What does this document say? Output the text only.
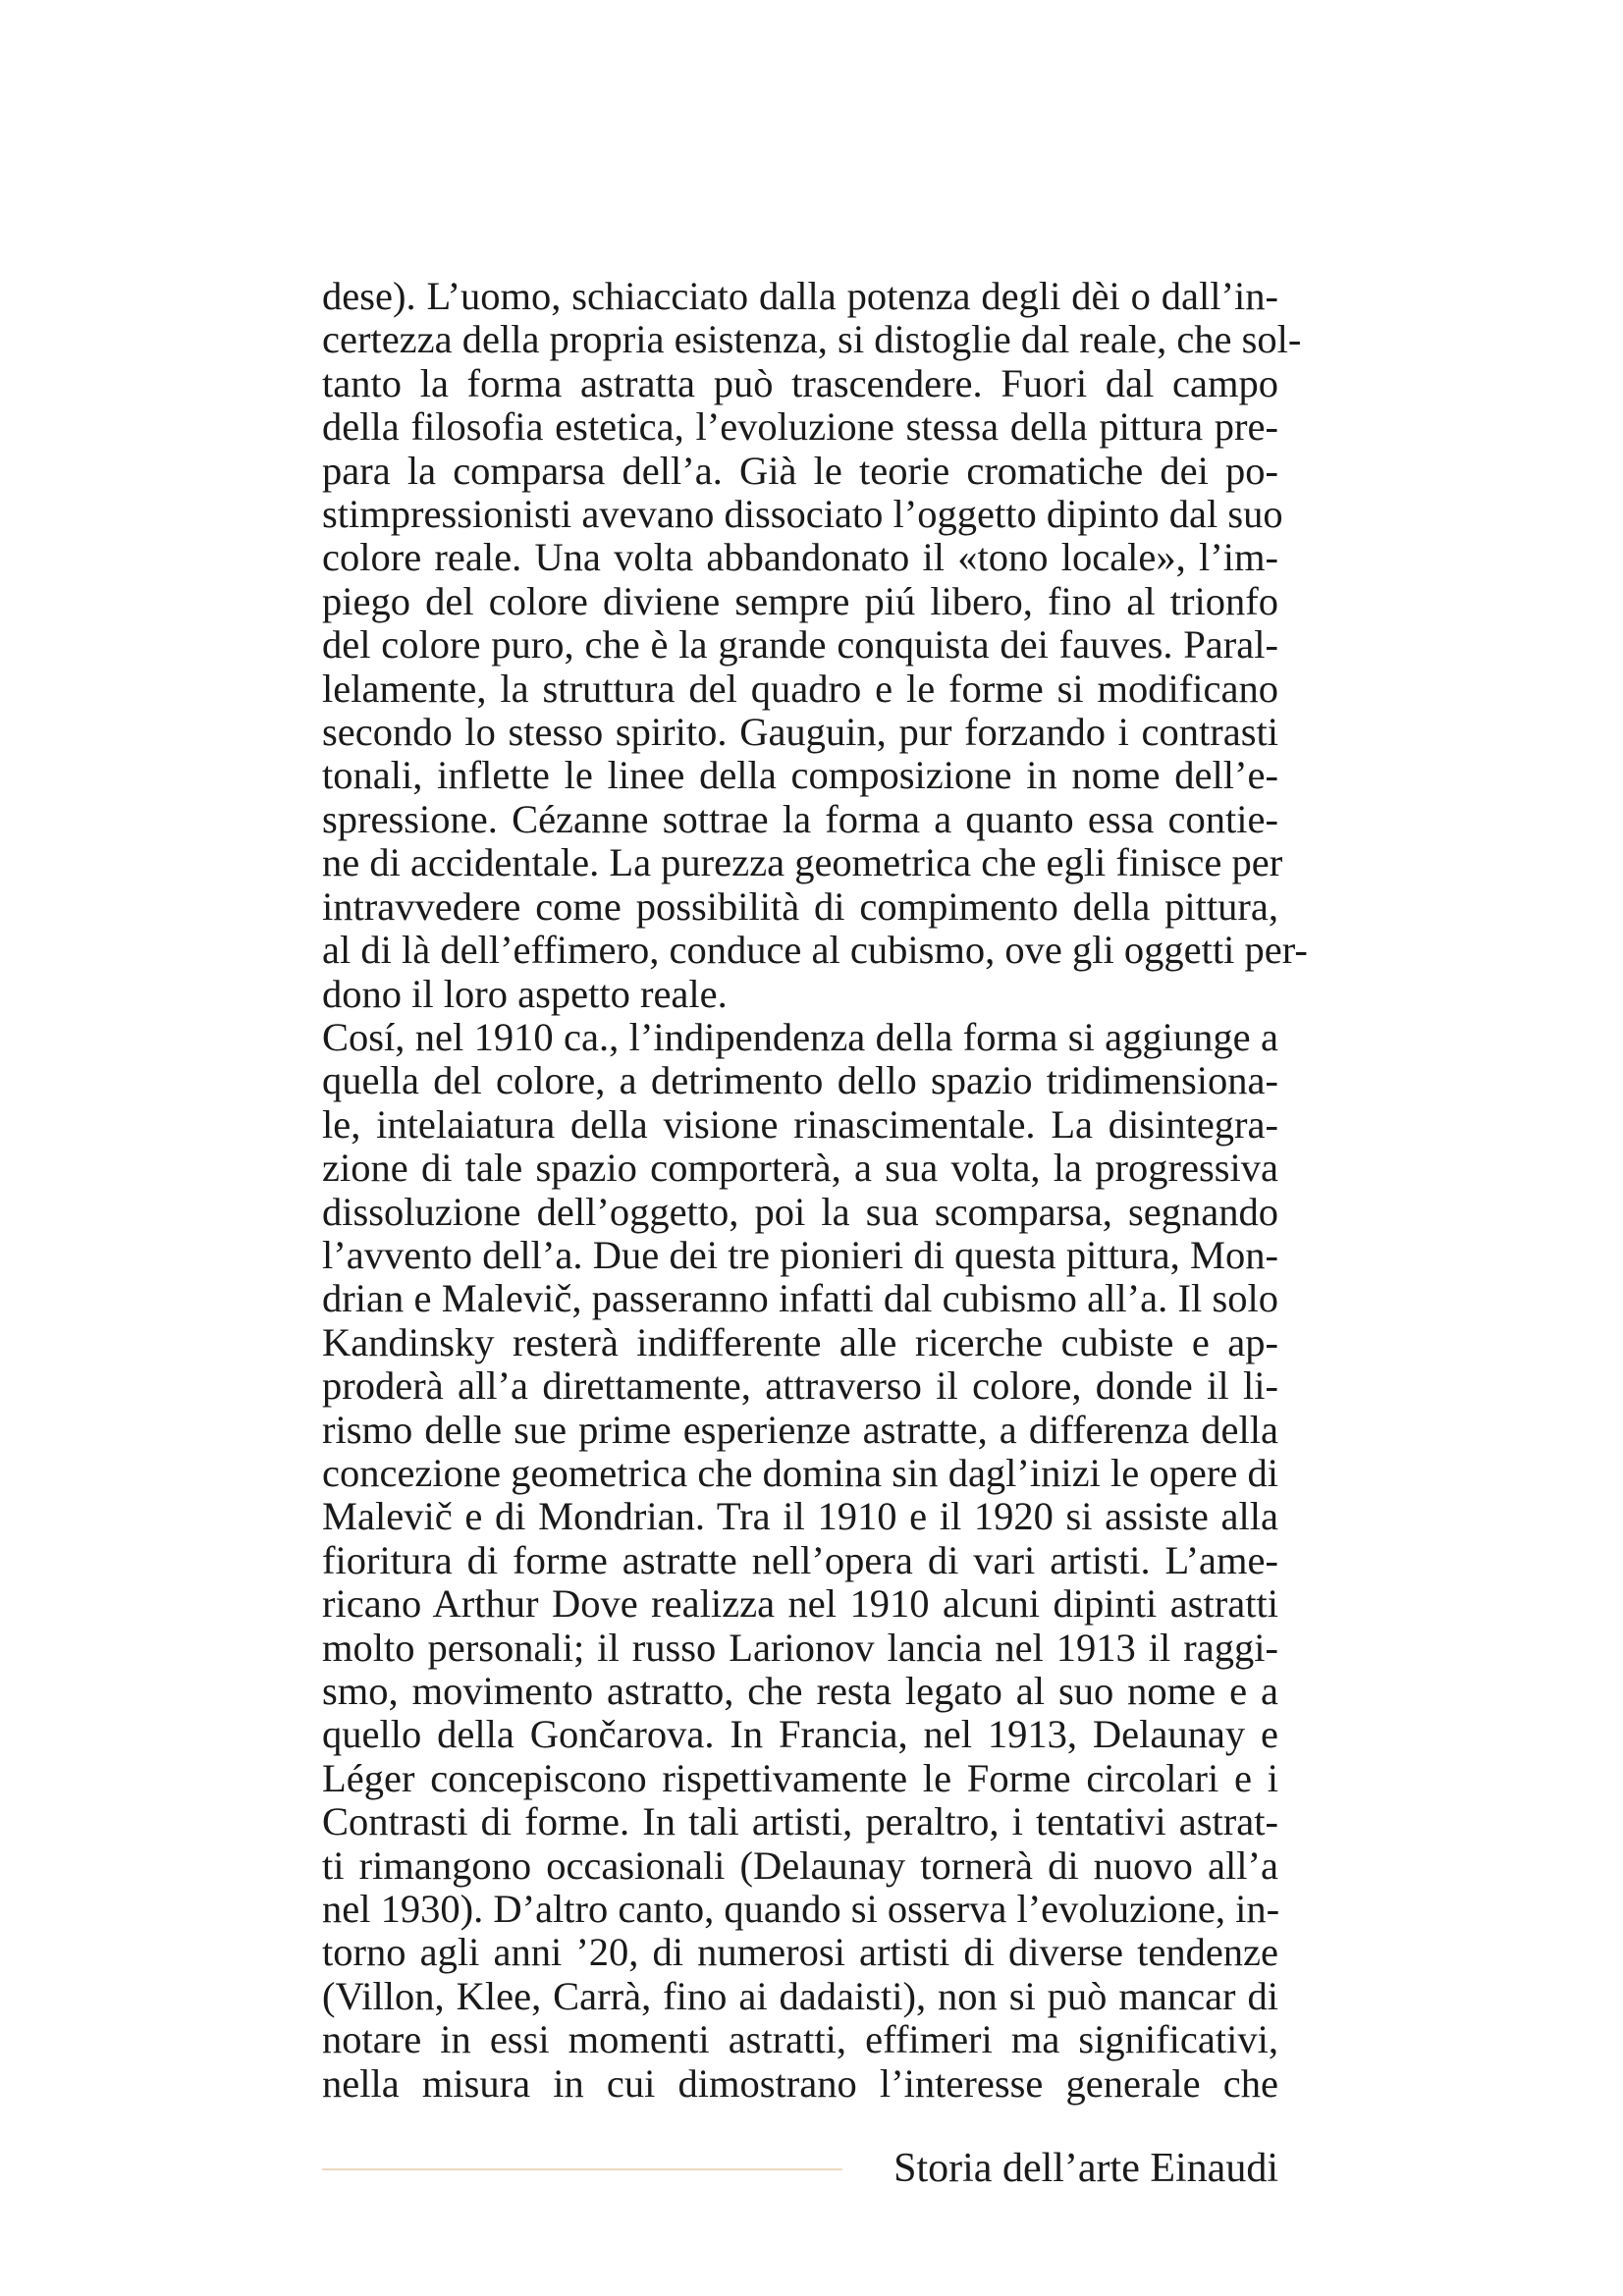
dese). L’uomo, schiacciato dalla potenza degli dèi o dall’in-
certezza della propria esistenza, si distoglie dal reale, che sol-
tanto la forma astratta può trascendere. Fuori dal campo
della filosofia estetica, l’evoluzione stessa della pittura pre-
para la comparsa dell’a. Già le teorie cromatiche dei po-
stimpressionisti avevano dissociato l’oggetto dipinto dal suo
colore reale. Una volta abbandonato il «tono locale», l’im-
piego del colore diviene sempre piú libero, fino al trionfo
del colore puro, che è la grande conquista dei fauves. Paral-
lelamente, la struttura del quadro e le forme si modificano
secondo lo stesso spirito. Gauguin, pur forzando i contrasti
tonali, inflette le linee della composizione in nome dell’e-
spressione. Cézanne sottrae la forma a quanto essa contie-
ne di accidentale. La purezza geometrica che egli finisce per
intravvedere come possibilità di compimento della pittura,
al di là dell’effimero, conduce al cubismo, ove gli oggetti per-
dono il loro aspetto reale.
Cosí, nel 1910 ca., l’indipendenza della forma si aggiunge a
quella del colore, a detrimento dello spazio tridimensiona-
le, intelaiatura della visione rinascimentale. La disintegra-
zione di tale spazio comporterà, a sua volta, la progressiva
dissoluzione dell’oggetto, poi la sua scomparsa, segnando
l’avvento dell’a. Due dei tre pionieri di questa pittura, Mon-
drian e Malevič, passeranno infatti dal cubismo all’a. Il solo
Kandinsky resterà indifferente alle ricerche cubiste e ap-
proderà all’a direttamente, attraverso il colore, donde il li-
rismo delle sue prime esperienze astratte, a differenza della
concezione geometrica che domina sin dagl’inizi le opere di
Malevič e di Mondrian. Tra il 1910 e il 1920 si assiste alla
fioritura di forme astratte nell’opera di vari artisti. L’ame-
ricano Arthur Dove realizza nel 1910 alcuni dipinti astratti
molto personali; il russo Larionov lancia nel 1913 il raggi-
smo, movimento astratto, che resta legato al suo nome e a
quello della Gončarova. In Francia, nel 1913, Delaunay e
Léger concepiscono rispettivamente le Forme circolari e i
Contrasti di forme. In tali artisti, peraltro, i tentativi astrat-
ti rimangono occasionali (Delaunay tornerà di nuovo all’a
nel 1930). D’altro canto, quando si osserva l’evoluzione, in-
torno agli anni ’20, di numerosi artisti di diverse tendenze
(Villon, Klee, Carrà, fino ai dadaisti), non si può mancar di
notare in essi momenti astratti, effimeri ma significativi,
nella misura in cui dimostrano l’interesse generale che
Storia dell’arte Einaudi
